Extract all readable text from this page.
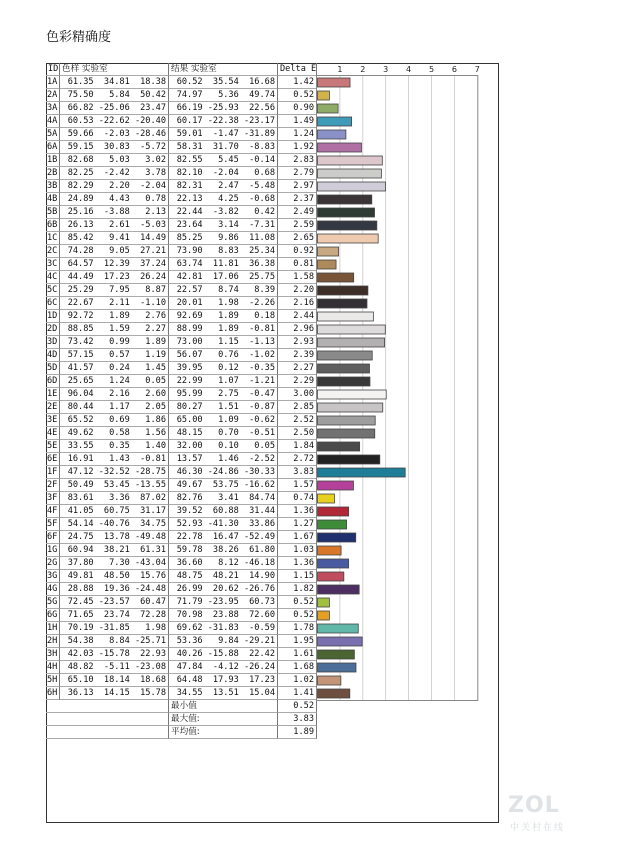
色彩精确度
ID 色样 实验室	结果 实验室	Delta E
1A	61.35  34.81  18.38	60.52  35.54  16.68	1.42
2A	75.50   5.84  50.42	74.97   5.36  49.74	0.52
3A	66.82 -25.06  23.47	66.19 -25.93  22.56	0.90
4A	60.53 -22.62 -20.40	60.17 -22.38 -23.17	1.49
5A	59.66  -2.03 -28.46	59.01  -1.47 -31.89	1.24
6A	59.15  30.83  -5.72	58.31  31.70  -8.83	1.92
1B	82.68   5.03   3.02	82.55   5.45  -0.14	2.83
2B	82.25  -2.42   3.78	82.10  -2.04   0.68	2.79
3B	82.29   2.20  -2.04	82.31   2.47  -5.48	2.97
4B	24.89   4.43   0.78	22.13   4.25  -0.68	2.37
5B	25.16  -3.88   2.13	22.44  -3.82   0.42	2.49
6B	26.13   2.61  -5.03	23.64   3.14  -7.31	2.59
1C	85.42   9.41  14.49	85.25   9.86  11.08	2.65
2C	74.28   9.05  27.21	73.90   8.83  25.34	0.92
3C	64.57  12.39  37.24	63.74  11.81  36.38	0.81
4C	44.49  17.23  26.24	42.81  17.06  25.75	1.58
5C	25.29   7.95   8.87	22.57   8.74   8.39	2.20
6C	22.67   2.11  -1.10	20.01   1.98  -2.26	2.16
1D	92.72   1.89   2.76	92.69   1.89   0.18	2.44
2D	88.85   1.59   2.27	88.99   1.89  -0.81	2.96
3D	73.42   0.99   1.89	73.00   1.15  -1.13	2.93
4D	57.15   0.57   1.19	56.07   0.76  -1.02	2.39
5D	41.57   0.24   1.45	39.95   0.12  -0.35	2.27
6D	25.65   1.24   0.05	22.99   1.07  -1.21	2.29
1E	96.04   2.16   2.60	95.99   2.75  -0.47	3.00
2E	80.44   1.17   2.05	80.27   1.51  -0.87	2.85
3E	65.52   0.69   1.86	65.00   1.09  -0.62	2.52
4E	49.62   0.58   1.56	48.15   0.70  -0.51	2.50
5E	33.55   0.35   1.40	32.00   0.10   0.05	1.84
6E	16.91   1.43  -0.81	13.57   1.46  -2.52	2.72
1F	47.12 -32.52 -28.75	46.30 -24.86 -30.33	3.83
2F	50.49  53.45 -13.55	49.67  53.75 -16.62	1.57
3F	83.61   3.36  87.02	82.76   3.41  84.74	0.74
4F	41.05  60.75  31.17	39.52  60.88  31.44	1.36
5F	54.14 -40.76  34.75	52.93 -41.30  33.86	1.27
6F	24.75  13.78 -49.48	22.78  16.47 -52.49	1.67
1G	60.94  38.21  61.31	59.78  38.26  61.80	1.03
2G	37.80   7.30 -43.04	36.60   8.12 -46.18	1.36
3G	49.81  48.50  15.76	48.75  48.21  14.90	1.15
4G	28.88  19.36 -24.48	26.99  20.62 -26.76	1.82
5G	72.45 -23.57  60.47	71.79 -23.95  60.73	0.52
6G	71.65  23.74  72.28	70.98  23.88  72.60	0.52
1H	70.19 -31.85   1.98	69.62 -31.83  -0.59	1.78
2H	54.38   8.84 -25.71	53.36   9.84 -29.21	1.95
3H	42.03 -15.78  22.93	40.26 -15.88  22.42	1.61
4H	48.82  -5.11 -23.08	47.84  -4.12 -26.24	1.68
5H	65.10  18.14  18.68	64.48  17.93  17.23	1.02
6H	36.13  14.15  15.78	34.55  13.51  15.04	1.41
最小值	0.52
最大值:	3.83
平均值:	1.89
1 2 3 4 5 6 7
ZOL
中关村在线
